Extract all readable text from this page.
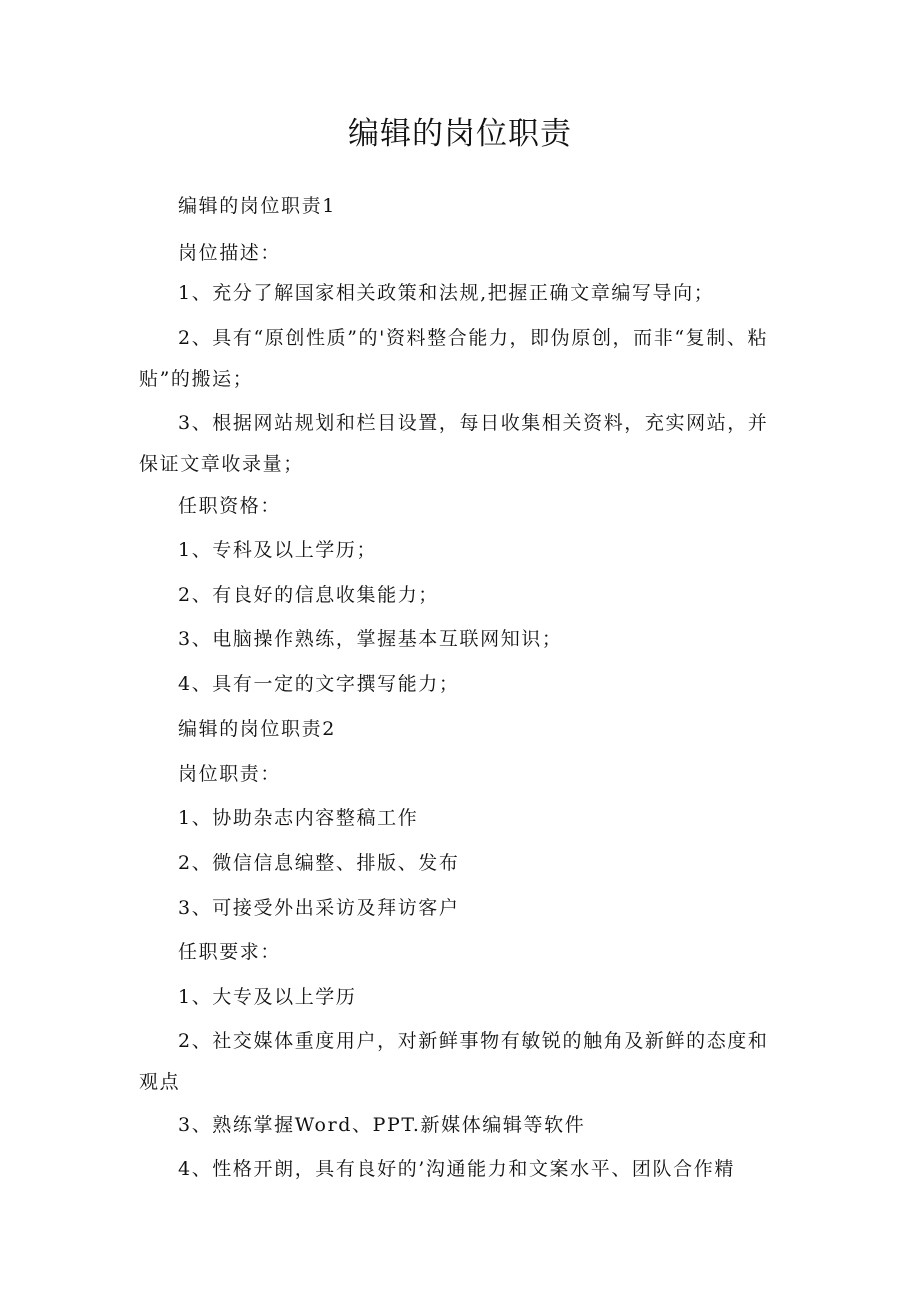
编辑的岗位职责

编辑的岗位职责1

岗位描述：

1、充分了解国家相关政策和法规,把握正确文章编写导向；

2、具有“原创性质”的'资料整合能力，即伪原创，而非“复制、粘贴”的搬运；

3、根据网站规划和栏目设置，每日收集相关资料，充实网站，并保证文章收录量；

任职资格：

1、专科及以上学历；

2、有良好的信息收集能力；

3、电脑操作熟练，掌握基本互联网知识；

4、具有一定的文字撰写能力；

编辑的岗位职责2

岗位职责：

1、协助杂志内容整稿工作

2、微信信息编整、排版、发布

3、可接受外出采访及拜访客户

任职要求：

1、大专及以上学历

2、社交媒体重度用户，对新鲜事物有敏锐的触角及新鲜的态度和观点

3、熟练掌握Word、PPT.新媒体编辑等软件

4、性格开朗，具有良好的’沟通能力和文案水平、团队合作精
